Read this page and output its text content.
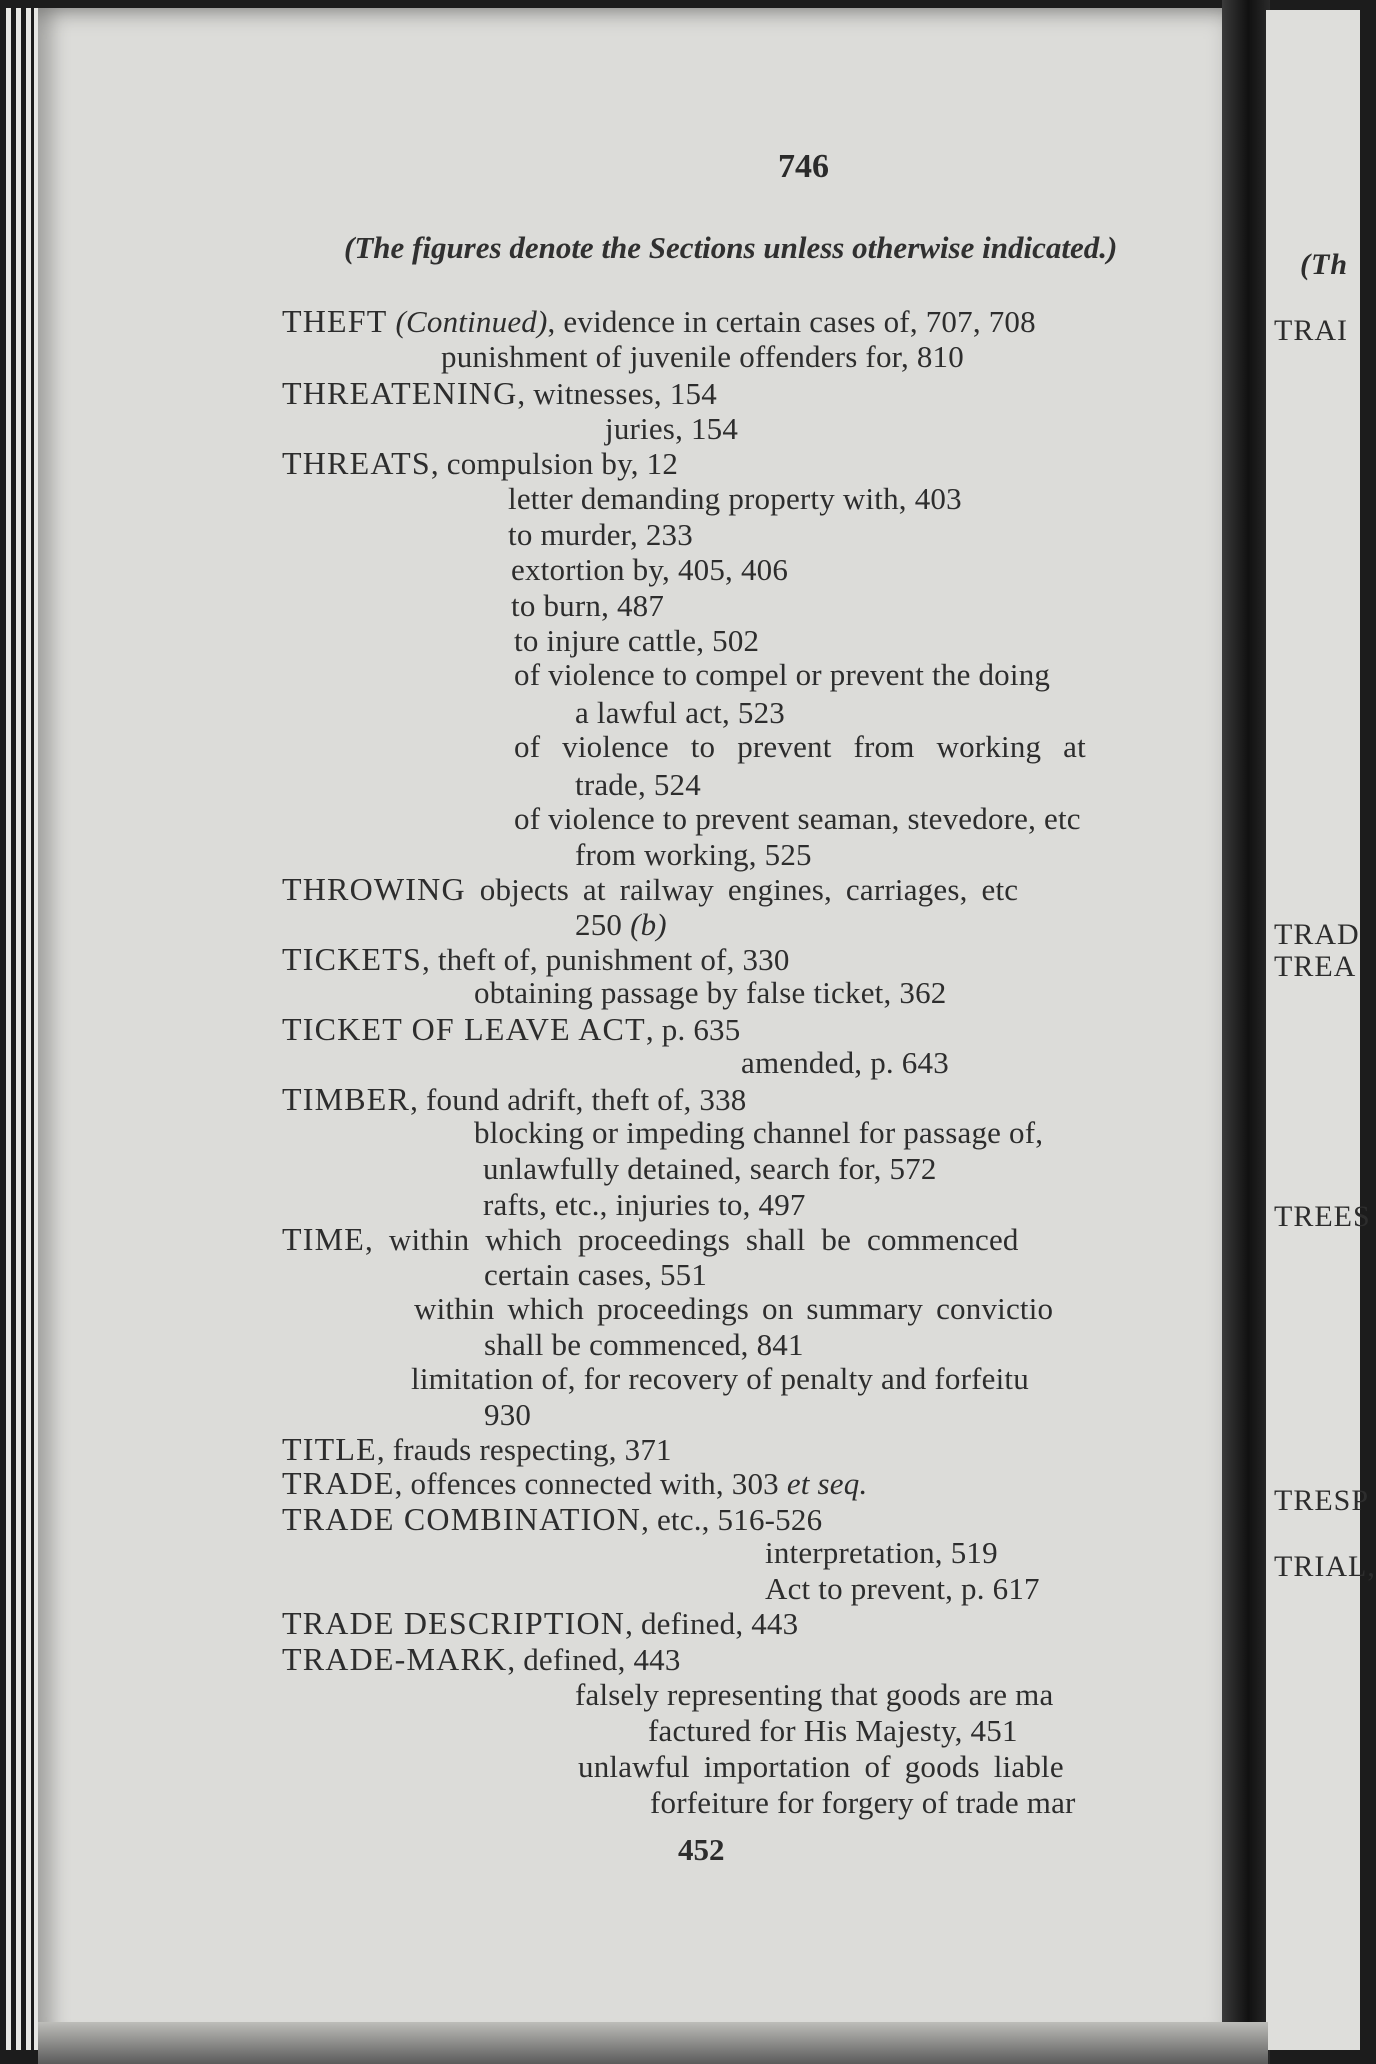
746
(The figures denote the Sections unless otherwise indicated.)
THEFT (Continued), evidence in certain cases of, 707, 708
punishment of juvenile offenders for, 810
THREATENING, witnesses, 154
juries, 154
THREATS, compulsion by, 12
letter demanding property with, 403
to murder, 233
extortion by, 405, 406
to burn, 487
to injure cattle, 502
of violence to compel or prevent the doing
a lawful act, 523
of violence to prevent from working at
trade, 524
of violence to prevent seaman, stevedore, etc
from working, 525
THROWING objects at railway engines, carriages, etc
250 (b)
TICKETS, theft of, punishment of, 330
obtaining passage by false ticket, 362
TICKET OF LEAVE ACT, p. 635
amended, p. 643
TIMBER, found adrift, theft of, 338
blocking or impeding channel for passage of,
unlawfully detained, search for, 572
rafts, etc., injuries to, 497
TIME, within which proceedings shall be commenced
certain cases, 551
within which proceedings on summary convictio
shall be commenced, 841
limitation of, for recovery of penalty and forfeitu
930
TITLE, frauds respecting, 371
TRADE, offences connected with, 303 et seq.
TRADE COMBINATION, etc., 516-526
interpretation, 519
Act to prevent, p. 617
TRADE DESCRIPTION, defined, 443
TRADE-MARK, defined, 443
falsely representing that goods are ma
factured for His Majesty, 451
unlawful importation of goods liable
forfeiture for forgery of trade mar
452
(Th
TRAI
TRAD
TREA
TREES
TRESP
TRIAL,
